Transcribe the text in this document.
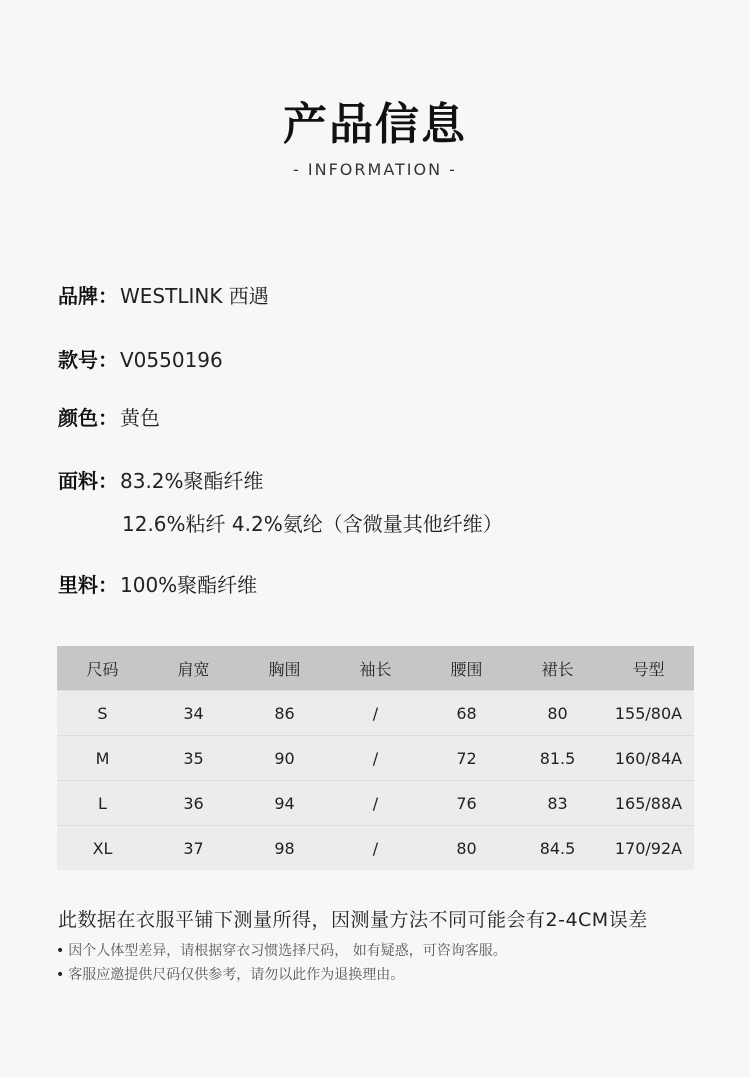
产品信息
- INFORMATION -
品牌： WESTLINK 西遇
款号： V0550196
颜色： 黄色
面料： 83.2%聚酯纤维
12.6%粘纤 4.2%氨纶（含微量其他纤维）
里料： 100%聚酯纤维
尺码	肩宽	胸围	袖长	腰围	裙长	号型
S	34	86	/	68	80	155/80A
M	35	90	/	72	81.5	160/84A
L	36	94	/	76	83	165/88A
XL	37	98	/	80	84.5	170/92A
此数据在衣服平铺下测量所得，因测量方法不同可能会有2-4CM误差
• 因个人体型差异，请根据穿衣习惯选择尺码， 如有疑惑，可咨询客服。
• 客服应邀提供尺码仅供参考，请勿以此作为退换理由。
